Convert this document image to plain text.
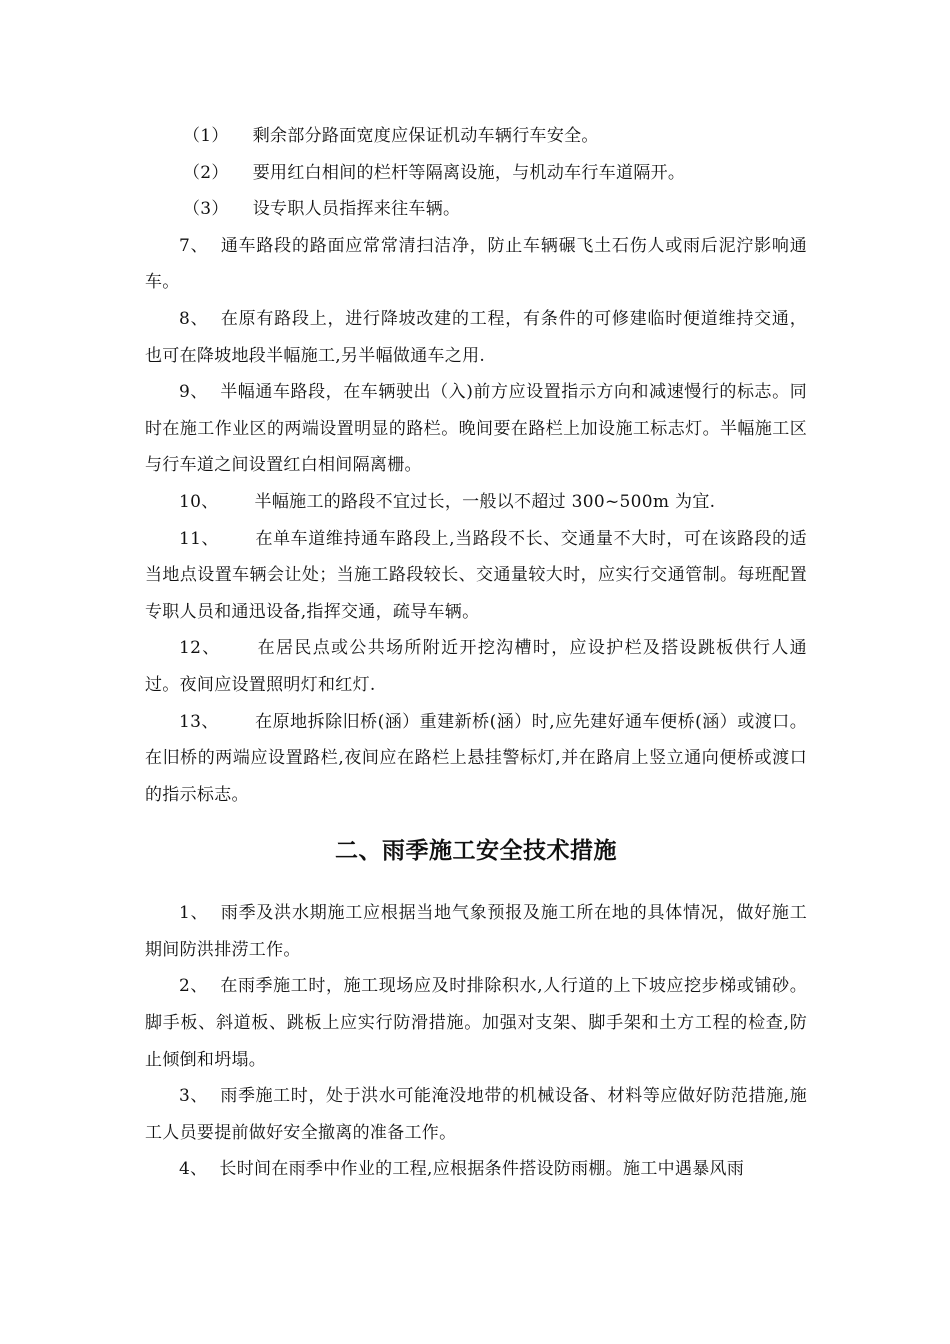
（1） 剩余部分路面宽度应保证机动车辆行车安全。

（2） 要用红白相间的栏杆等隔离设施，与机动车行车道隔开。

（3） 设专职人员指挥来往车辆。

7、 通车路段的路面应常常清扫洁净，防止车辆碾飞土石伤人或雨后泥泞影响通车。

8、 在原有路段上，进行降坡改建的工程，有条件的可修建临时便道维持交通，也可在降坡地段半幅施工,另半幅做通车之用.

9、 半幅通车路段，在车辆驶出（入)前方应设置指示方向和减速慢行的标志。同时在施工作业区的两端设置明显的路栏。晚间要在路栏上加设施工标志灯。半幅施工区与行车道之间设置红白相间隔离栅。

10、 半幅施工的路段不宜过长，一般以不超过 300~500m 为宜.

11、 在单车道维持通车路段上,当路段不长、交通量不大时，可在该路段的适当地点设置车辆会让处；当施工路段较长、交通量较大时，应实行交通管制。每班配置专职人员和通迅设备,指挥交通，疏导车辆。

12、 在居民点或公共场所附近开挖沟槽时，应设护栏及搭设跳板供行人通过。夜间应设置照明灯和红灯.

13、 在原地拆除旧桥(涵）重建新桥(涵）时,应先建好通车便桥(涵）或渡口。在旧桥的两端应设置路栏,夜间应在路栏上悬挂警标灯,并在路肩上竖立通向便桥或渡口的指示标志。

二、雨季施工安全技术措施

1、 雨季及洪水期施工应根据当地气象预报及施工所在地的具体情况，做好施工期间防洪排涝工作。

2、 在雨季施工时，施工现场应及时排除积水,人行道的上下坡应挖步梯或铺砂。脚手板、斜道板、跳板上应实行防滑措施。加强对支架、脚手架和土方工程的检查,防止倾倒和坍塌。

3、 雨季施工时，处于洪水可能淹没地带的机械设备、材料等应做好防范措施,施工人员要提前做好安全撤离的准备工作。

4、 长时间在雨季中作业的工程,应根据条件搭设防雨棚。施工中遇暴风雨
